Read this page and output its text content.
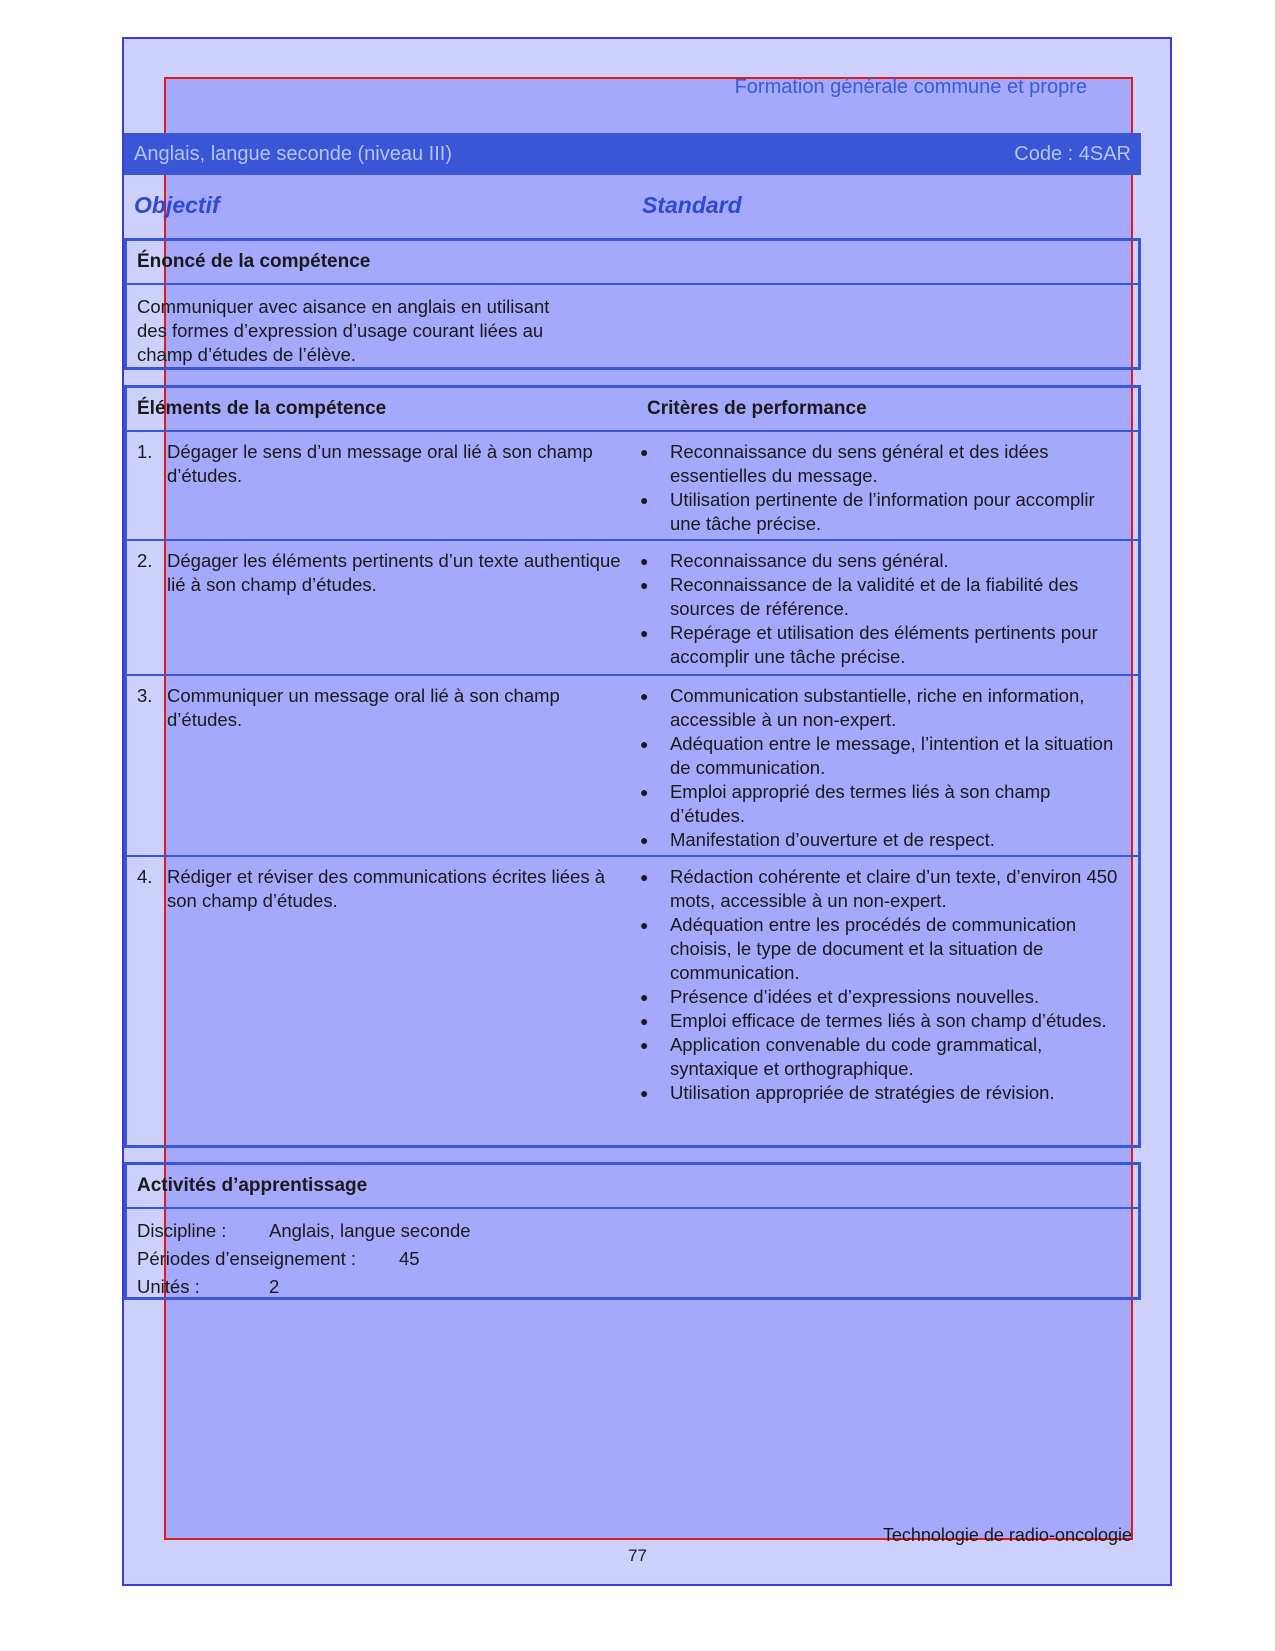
Formation générale commune et propre
Anglais, langue seconde (niveau III)	Code : 4SAR
Objectif	Standard
Énoncé de la compétence
Communiquer avec aisance en anglais en utilisant
des formes d’expression d’usage courant liées au
champ d’études de l’élève.
Éléments de la compétence	Critères de performance
1. Dégager le sens d’un message oral lié à son champ d’études.
●	Reconnaissance du sens général et des idées essentielles du message.
●	Utilisation pertinente de l’information pour accomplir une tâche précise.
2. Dégager les éléments pertinents d’un texte authentique lié à son champ d’études.
●	Reconnaissance du sens général.
●	Reconnaissance de la validité et de la fiabilité des sources de référence.
●	Repérage et utilisation des éléments pertinents pour accomplir une tâche précise.
3. Communiquer un message oral lié à son champ d’études.
●	Communication substantielle, riche en information, accessible à un non-expert.
●	Adéquation entre le message, l’intention et la situation de communication.
●	Emploi approprié des termes liés à son champ d’études.
●	Manifestation d’ouverture et de respect.
4. Rédiger et réviser des communications écrites liées à son champ d’études.
●	Rédaction cohérente et claire d’un texte, d’environ 450 mots, accessible à un non-expert.
●	Adéquation entre les procédés de communication choisis, le type de document et la situation de communication.
●	Présence d’idées et d’expressions nouvelles.
●	Emploi efficace de termes liés à son champ d’études.
●	Application convenable du code grammatical, syntaxique et orthographique.
●	Utilisation appropriée de stratégies de révision.
Activités d’apprentissage
Discipline :	Anglais, langue seconde
Périodes d’enseignement :	45
Unités :	2
Technologie de radio-oncologie
77
